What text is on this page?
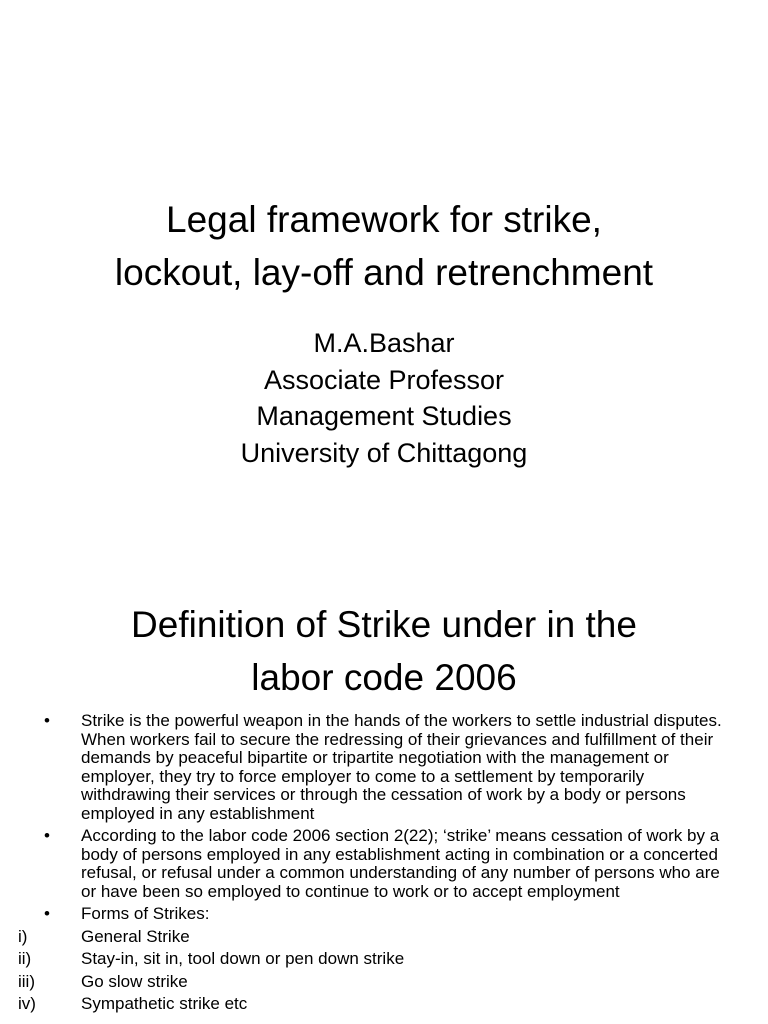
Legal framework for strike,
lockout, lay-off and retrenchment
M.A.Bashar
Associate Professor
Management Studies
University of Chittagong
Definition of Strike under in the
labor code 2006
• Strike is the powerful weapon in the hands of the workers to settle industrial disputes. When workers fail to secure the redressing of their grievances and fulfillment of their demands by peaceful bipartite or tripartite negotiation with the management or employer, they try to force employer to come to a settlement by temporarily withdrawing their services or through the cessation of work by a body or persons employed in any establishment
• According to the labor code 2006 section 2(22); ‘strike’ means cessation of work by a body of persons employed in any establishment acting in combination or a concerted refusal, or refusal under a common understanding of any number of persons who are or have been so employed to continue to work or to accept employment
• Forms of Strikes:
i)	General Strike
ii)	Stay-in, sit in, tool down or pen down strike
iii)	Go slow strike
iv)	Sympathetic strike etc
